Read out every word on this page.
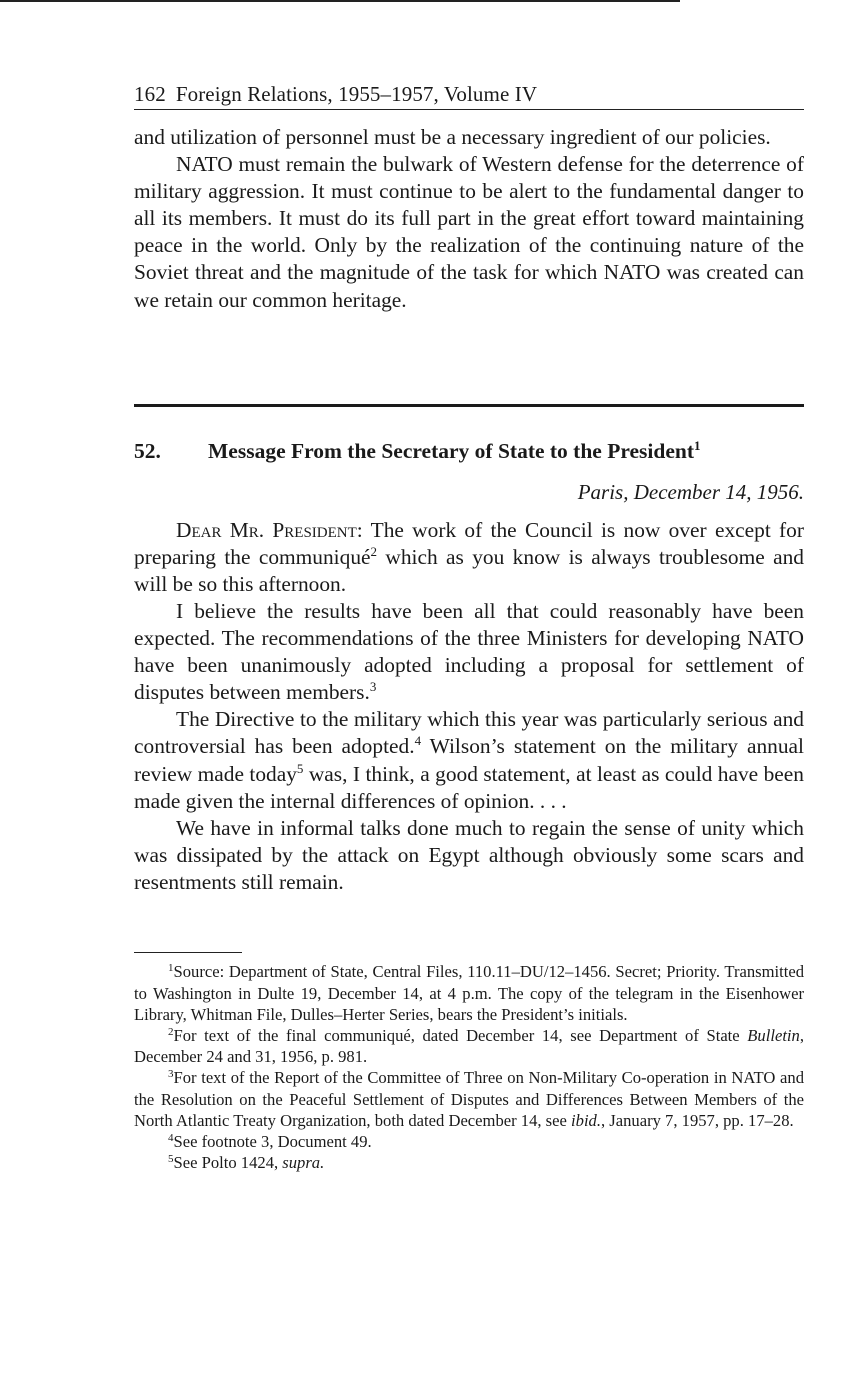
162 Foreign Relations, 1955–1957, Volume IV

and utilization of personnel must be a necessary ingredient of our policies.

NATO must remain the bulwark of Western defense for the deterrence of military aggression. It must continue to be alert to the fundamental danger to all its members. It must do its full part in the great effort toward maintaining peace in the world. Only by the realization of the continuing nature of the Soviet threat and the magnitude of the task for which NATO was created can we retain our common heritage.

52. Message From the Secretary of State to the President$^1$
Paris, December 14, 1956.

Dear Mr. President: The work of the Council is now over except for preparing the communiqué$^2$ which as you know is always troublesome and will be so this afternoon.

I believe the results have been all that could reasonably have been expected. The recommendations of the three Ministers for developing NATO have been unanimously adopted including a proposal for settlement of disputes between members.$^3$

The Directive to the military which this year was particularly serious and controversial has been adopted.$^4$ Wilson’s statement on the military annual review made today$^5$ was, I think, a good statement, at least as could have been made given the internal differences of opinion. . . .

We have in informal talks done much to regain the sense of unity which was dissipated by the attack on Egypt although obviously some scars and resentments still remain.

$^1$Source: Department of State, Central Files, 110.11–DU/12–1456. Secret; Priority. Transmitted to Washington in Dulte 19, December 14, at 4 p.m. The copy of the telegram in the Eisenhower Library, Whitman File, Dulles–Herter Series, bears the President’s initials.

$^2$For text of the final communiqué, dated December 14, see Department of State Bulletin, December 24 and 31, 1956, p. 981.

$^3$For text of the Report of the Committee of Three on Non-Military Co-operation in NATO and the Resolution on the Peaceful Settlement of Disputes and Differences Between Members of the North Atlantic Treaty Organization, both dated December 14, see ibid., January 7, 1957, pp. 17–28.

$^4$See footnote 3, Document 49.

$^5$See Polto 1424, supra.
